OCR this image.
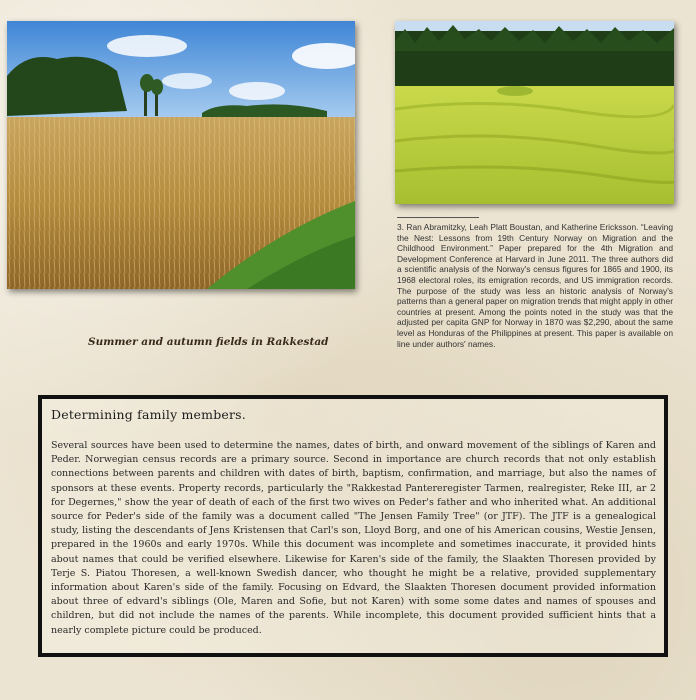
Summer and autumn fields in Rakkestad
3. Ran Abramitzky, Leah Platt Boustan, and Katherine Ericksson. “Leaving the Nest: Lessons from 19th Century Norway on Migration and the Childhood Environment.” Paper prepared for the 4th Migration and Development Conference at Harvard in June 2011. The three authors did a scientific analysis of the Norway's census figures for 1865 and 1900, its 1968 electoral roles, its emigration records, and US immigration records. The purpose of the study was less an historic analysis of Norway's patterns than a general paper on migration trends that might apply in other countries at present. Among the points noted in the study was that the adjusted per capita GNP for Norway in 1870 was $2,290, about the same level as Honduras of the Philippines at present. This paper is available on line under authors' names.
Determining family members.

Several sources have been used to determine the names, dates of birth, and onward movement of the siblings of Karen and Peder. Norwegian census records are a primary source. Second in importance are church records that not only establish connections between parents and children with dates of birth, baptism, confirmation, and marriage, but also the names of sponsors at these events. Property records, particularly the "Rakkestad Pantereregister Tarmen, realregister, Reke III, ar 2 for Degernes," show the year of death of each of the first two wives on Peder's father and who inherited what. An additional source for Peder's side of the family was a document called "The Jensen Family Tree" (or JTF). The JTF is a genealogical study, listing the descendants of Jens Kristensen that Carl's son, Lloyd Borg, and one of his American cousins, Westie Jensen, prepared in the 1960s and early 1970s. While this document was incomplete and sometimes inaccurate, it provided hints about names that could be verified elsewhere. Likewise for Karen's side of the family, the Slaakten Thoresen provided by Terje S. Piatou Thoresen, a well-known Swedish dancer, who thought he might be a relative, provided supplementary information about Karen's side of the family. Focusing on Edvard, the Slaakten Thoresen document provided information about three of edvard's siblings (Ole, Maren and Sofie, but not Karen) with some some dates and names of spouses and children, but did not include the names of the parents. While incomplete, this document provided sufficient hints that a nearly complete picture could be produced.
